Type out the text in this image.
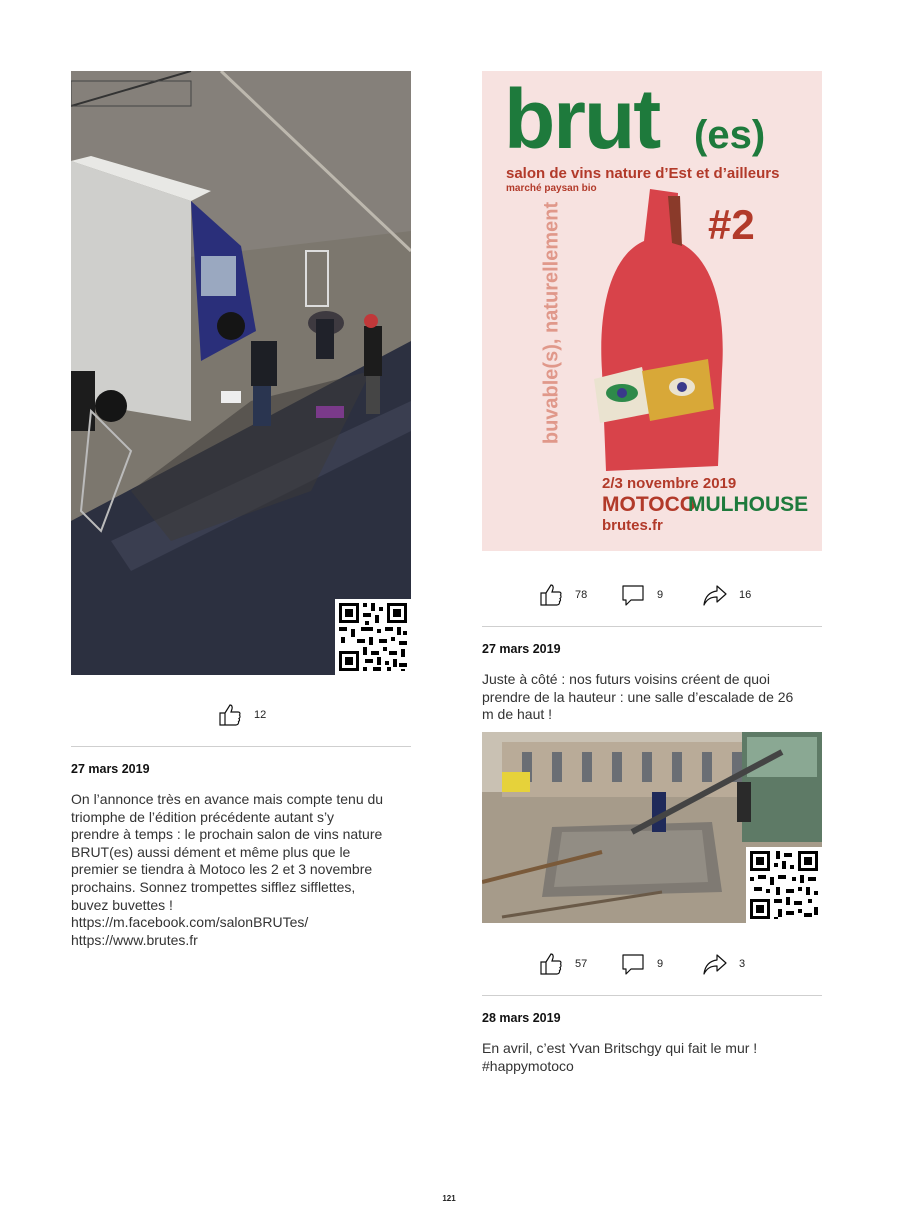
12
27 mars 2019
On l’annonce très en avance mais compte tenu du
triomphe de l’édition précédente autant s’y
prendre à temps : le prochain salon de vins nature
BRUT(es) aussi dément et même plus que le
premier se tiendra à Motoco les 2 et 3 novembre
prochains. Sonnez trompettes sifflez sifflettes,
buvez buvettes !
https://m.facebook.com/salonBRUTes/
https://www.brutes.fr
brut (es)
salon de vins nature d’Est et d’ailleurs
marché paysan bio
#2
buvable(s), naturellement
2/3 novembre 2019
MOTOCO
MULHOUSE
brutes.fr
78	9	16
27 mars 2019
Juste à côté : nos futurs voisins créent de quoi
prendre de la hauteur : une salle d’escalade de 26
m de haut !
57	9	3
28 mars 2019
En avril, c’est Yvan Britschgy qui fait le mur !
#happymotoco
121
